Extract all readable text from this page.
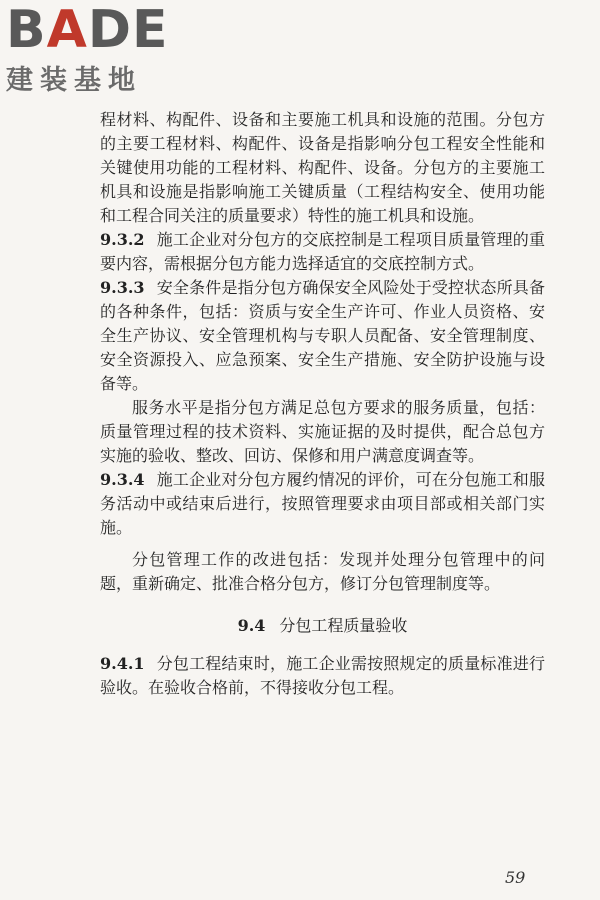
BADE
建装基地

程材料、构配件、设备和主要施工机具和设施的范围。分包方的主要工程材料、构配件、设备是指影响分包工程安全性能和关键使用功能的工程材料、构配件、设备。分包方的主要施工机具和设施是指影响施工关键质量（工程结构安全、使用功能和工程合同关注的质量要求）特性的施工机具和设施。

9.3.2 施工企业对分包方的交底控制是工程项目质量管理的重要内容，需根据分包方能力选择适宜的交底控制方式。

9.3.3 安全条件是指分包方确保安全风险处于受控状态所具备的各种条件，包括：资质与安全生产许可、作业人员资格、安全生产协议、安全管理机构与专职人员配备、安全管理制度、安全资源投入、应急预案、安全生产措施、安全防护设施与设备等。

服务水平是指分包方满足总包方要求的服务质量，包括：质量管理过程的技术资料、实施证据的及时提供，配合总包方实施的验收、整改、回访、保修和用户满意度调查等。

9.3.4 施工企业对分包方履约情况的评价，可在分包施工和服务活动中或结束后进行，按照管理要求由项目部或相关部门实施。

分包管理工作的改进包括：发现并处理分包管理中的问题，重新确定、批准合格分包方，修订分包管理制度等。

9.4 分包工程质量验收

9.4.1 分包工程结束时，施工企业需按照规定的质量标准进行验收。在验收合格前，不得接收分包工程。

59
